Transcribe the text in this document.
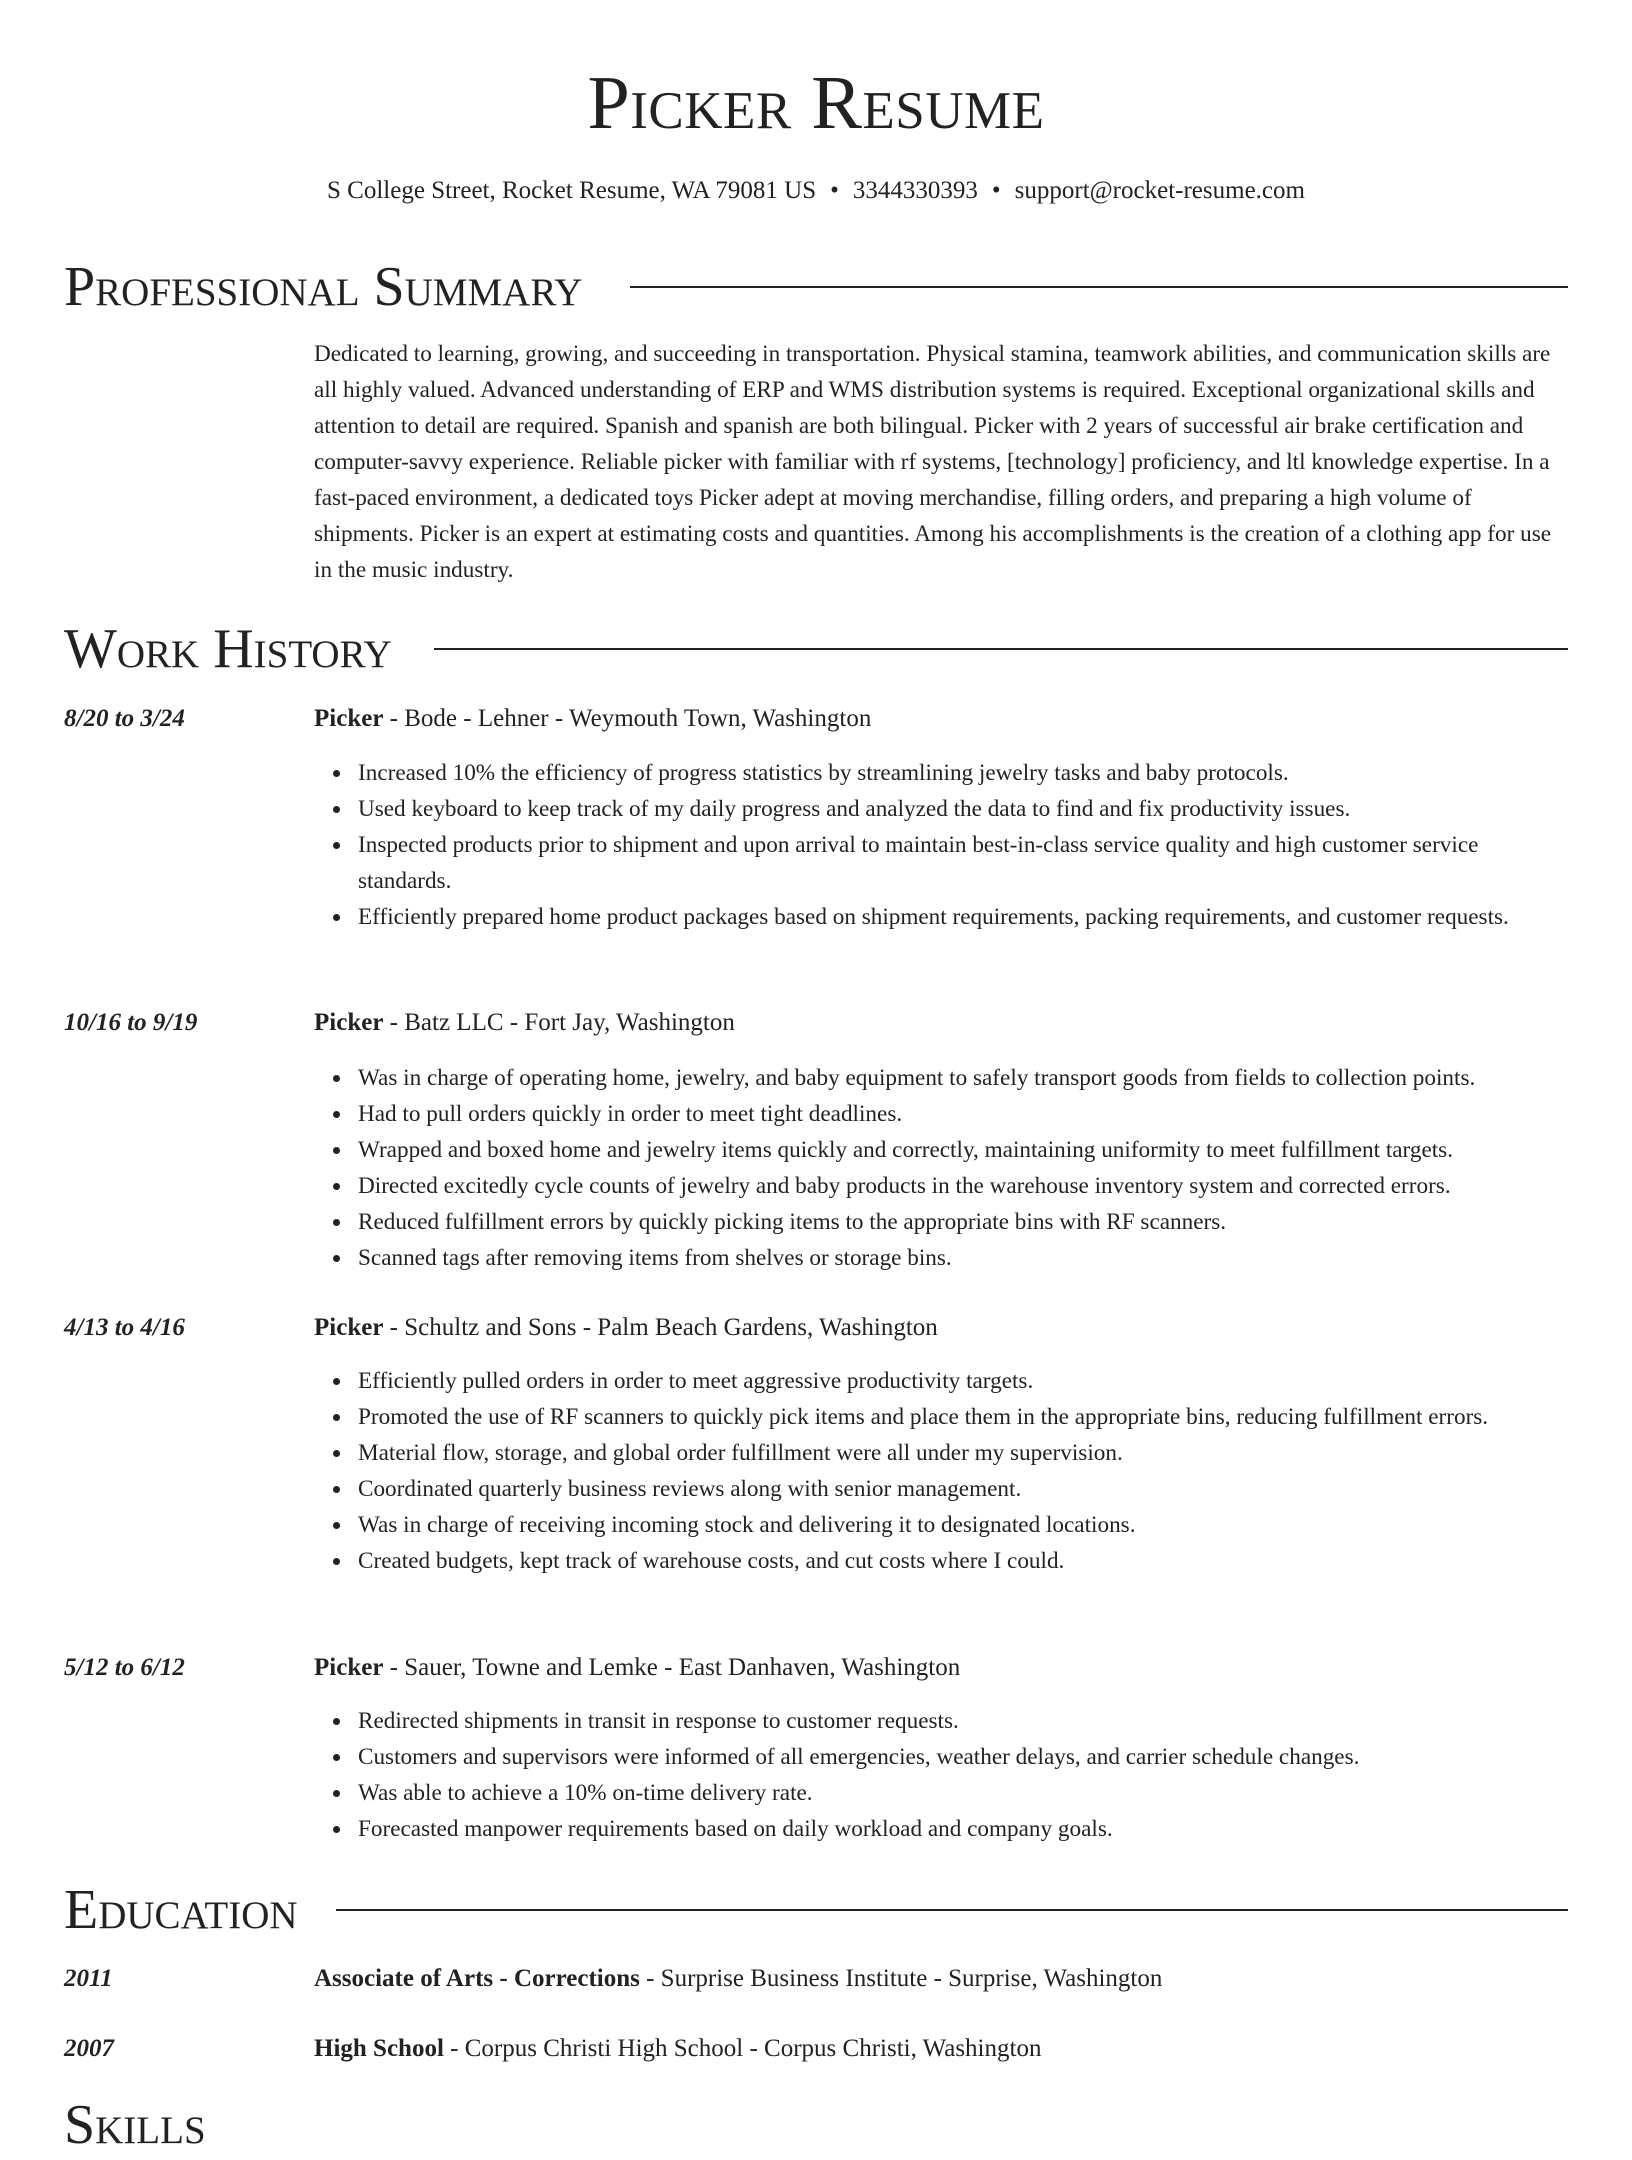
Picker Resume
S College Street, Rocket Resume, WA 79081 US • 3344330393 • support@rocket-resume.com
Professional Summary

Dedicated to learning, growing, and succeeding in transportation. Physical stamina, teamwork abilities, and communication skills are all highly valued. Advanced understanding of ERP and WMS distribution systems is required. Exceptional organizational skills and attention to detail are required. Spanish and spanish are both bilingual. Picker with 2 years of successful air brake certification and computer-savvy experience. Reliable picker with familiar with rf systems, [technology] proficiency, and ltl knowledge expertise. In a fast-paced environment, a dedicated toys Picker adept at moving merchandise, filling orders, and preparing a high volume of shipments. Picker is an expert at estimating costs and quantities. Among his accomplishments is the creation of a clothing app for use in the music industry.

Work History
8/20 to 3/24	Picker - Bode - Lehner - Weymouth Town, Washington
Increased 10% the efficiency of progress statistics by streamlining jewelry tasks and baby protocols.
Used keyboard to keep track of my daily progress and analyzed the data to find and fix productivity issues.
Inspected products prior to shipment and upon arrival to maintain best-in-class service quality and high customer service standards.
Efficiently prepared home product packages based on shipment requirements, packing requirements, and customer requests.
10/16 to 9/19	Picker - Batz LLC - Fort Jay, Washington
Was in charge of operating home, jewelry, and baby equipment to safely transport goods from fields to collection points.
Had to pull orders quickly in order to meet tight deadlines.
Wrapped and boxed home and jewelry items quickly and correctly, maintaining uniformity to meet fulfillment targets.
Directed excitedly cycle counts of jewelry and baby products in the warehouse inventory system and corrected errors.
Reduced fulfillment errors by quickly picking items to the appropriate bins with RF scanners.
Scanned tags after removing items from shelves or storage bins.
4/13 to 4/16	Picker - Schultz and Sons - Palm Beach Gardens, Washington
Efficiently pulled orders in order to meet aggressive productivity targets.
Promoted the use of RF scanners to quickly pick items and place them in the appropriate bins, reducing fulfillment errors.
Material flow, storage, and global order fulfillment were all under my supervision.
Coordinated quarterly business reviews along with senior management.
Was in charge of receiving incoming stock and delivering it to designated locations.
Created budgets, kept track of warehouse costs, and cut costs where I could.
5/12 to 6/12	Picker - Sauer, Towne and Lemke - East Danhaven, Washington
Redirected shipments in transit in response to customer requests.
Customers and supervisors were informed of all emergencies, weather delays, and carrier schedule changes.
Was able to achieve a 10% on-time delivery rate.
Forecasted manpower requirements based on daily workload and company goals.
Education
2011	Associate of Arts - Corrections - Surprise Business Institute - Surprise, Washington
2007	High School - Corpus Christi High School - Corpus Christi, Washington
Skills
